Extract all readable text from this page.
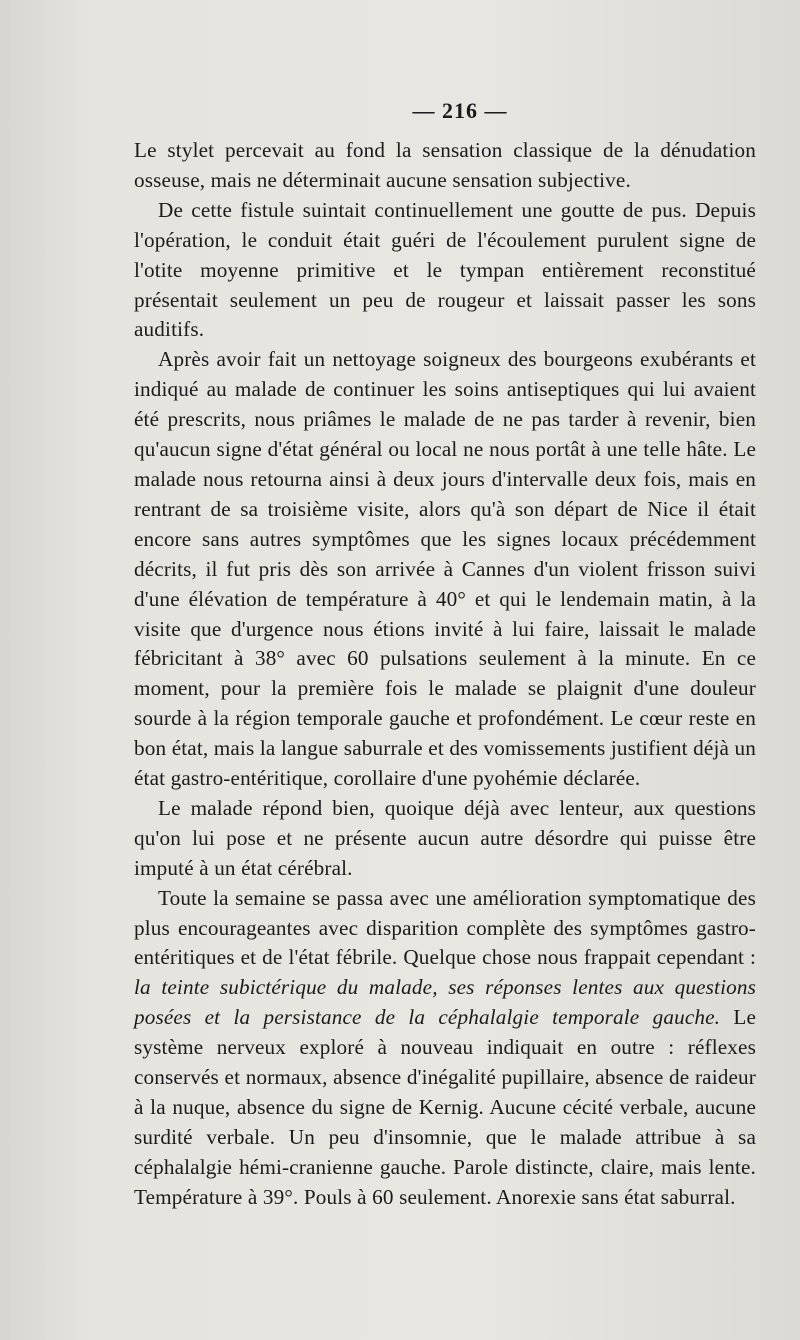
— 216 —

Le stylet percevait au fond la sensation classique de la dénudation osseuse, mais ne déterminait aucune sensation subjective.

De cette fistule suintait continuellement une goutte de pus. Depuis l'opération, le conduit était guéri de l'écoulement purulent signe de l'otite moyenne primitive et le tympan entièrement reconstitué présentait seulement un peu de rougeur et laissait passer les sons auditifs.

Après avoir fait un nettoyage soigneux des bourgeons exubérants et indiqué au malade de continuer les soins antiseptiques qui lui avaient été prescrits, nous priâmes le malade de ne pas tarder à revenir, bien qu'aucun signe d'état général ou local ne nous portât à une telle hâte. Le malade nous retourna ainsi à deux jours d'intervalle deux fois, mais en rentrant de sa troisième visite, alors qu'à son départ de Nice il était encore sans autres symptômes que les signes locaux précédemment décrits, il fut pris dès son arrivée à Cannes d'un violent frisson suivi d'une élévation de température à 40° et qui le lendemain matin, à la visite que d'urgence nous étions invité à lui faire, laissait le malade fébricitant à 38° avec 60 pulsations seulement à la minute. En ce moment, pour la première fois le malade se plaignit d'une douleur sourde à la région temporale gauche et profondément. Le cœur reste en bon état, mais la langue saburrale et des vomissements justifient déjà un état gastro-entéritique, corollaire d'une pyohémie déclarée.

Le malade répond bien, quoique déjà avec lenteur, aux questions qu'on lui pose et ne présente aucun autre désordre qui puisse être imputé à un état cérébral.

Toute la semaine se passa avec une amélioration symptomatique des plus encourageantes avec disparition complète des symptômes gastro-entéritiques et de l'état fébrile. Quelque chose nous frappait cependant : la teinte subictérique du malade, ses réponses lentes aux questions posées et la persistance de la céphalalgie temporale gauche. Le système nerveux exploré à nouveau indiquait en outre : réflexes conservés et normaux, absence d'inégalité pupillaire, absence de raideur à la nuque, absence du signe de Kernig. Aucune cécité verbale, aucune surdité verbale. Un peu d'insomnie, que le malade attribue à sa céphalalgie hémi-cranienne gauche. Parole distincte, claire, mais lente. Température à 39°. Pouls à 60 seulement. Anorexie sans état saburral.
